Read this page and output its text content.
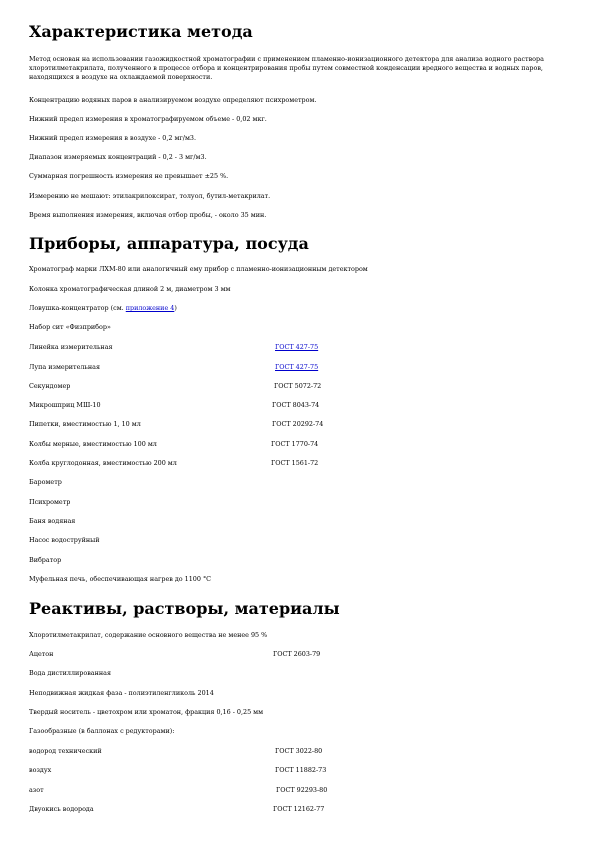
Характеристика метода

Метод основан на использовании газожидкостной хроматографии с применением пламенно-ионизационного детектора для анализа водного раствора хлорэтилметакрилата, полученного в процессе отбора и концентрирования пробы путем совместной конденсации вредного вещества и водных паров, находящихся в воздухе на охлаждаемой поверхности.

Концентрацию водяных паров в анализируемом воздухе определяют психрометром.

Нижний предел измерения в хроматографируемом объеме - 0,02 мкг.

Нижний предел измерения в воздухе - 0,2 мг/м3.

Диапазон измеряемых концентраций - 0,2 - 3 мг/м3.

Суммарная погрешность измерения не превышает ±25 %.

Измерению не мешают: этилакрилоксират, толуол, бутил-метакрилат.

Время выполнения измерения, включая отбор пробы, - около 35 мин.

Приборы, аппаратура, посуда

Хроматограф марки ЛХМ-80 или аналогичный ему прибор с пламенно-ионизационным детектором

Колонка хроматографическая длиной 2 м, диаметром 3 мм

Ловушка-концентратор (см. приложение 4)

Набор сит «Физприбор»

Линейка измерительная	ГОСТ 427-75

Лупа измерительная	ГОСТ 427-75

Секундомер	ГОСТ 5072-72

Микрошприц МШ-10	ГОСТ 8043-74

Пипетки, вместимостью 1, 10 мл	ГОСТ 20292-74

Колбы мерные, вместимостью 100 мл	ГОСТ 1770-74

Колба круглодонная, вместимостью 200 мл	ГОСТ 1561-72

Барометр

Психрометр

Баня водяная

Насос водоструйный

Вибратор

Муфельная печь, обеспечивающая нагрев до 1100 °С

Реактивы, растворы, материалы

Хлорэтилметакрилат, содержание основного вещества не менее 95 %

Ацетон	ГОСТ 2603-79

Вода дистиллированная

Неподвижная жидкая фаза - полиэтиленгликоль 2014

Твердый носитель - цветохром или хроматон, фракция 0,16 - 0,25 мм

Газообразные (в баллонах с редукторами):

водород технический	ГОСТ 3022-80

воздух	ГОСТ 11882-73

азот	ГОСТ 92293-80

Двуокись водорода	ГОСТ 12162-77
